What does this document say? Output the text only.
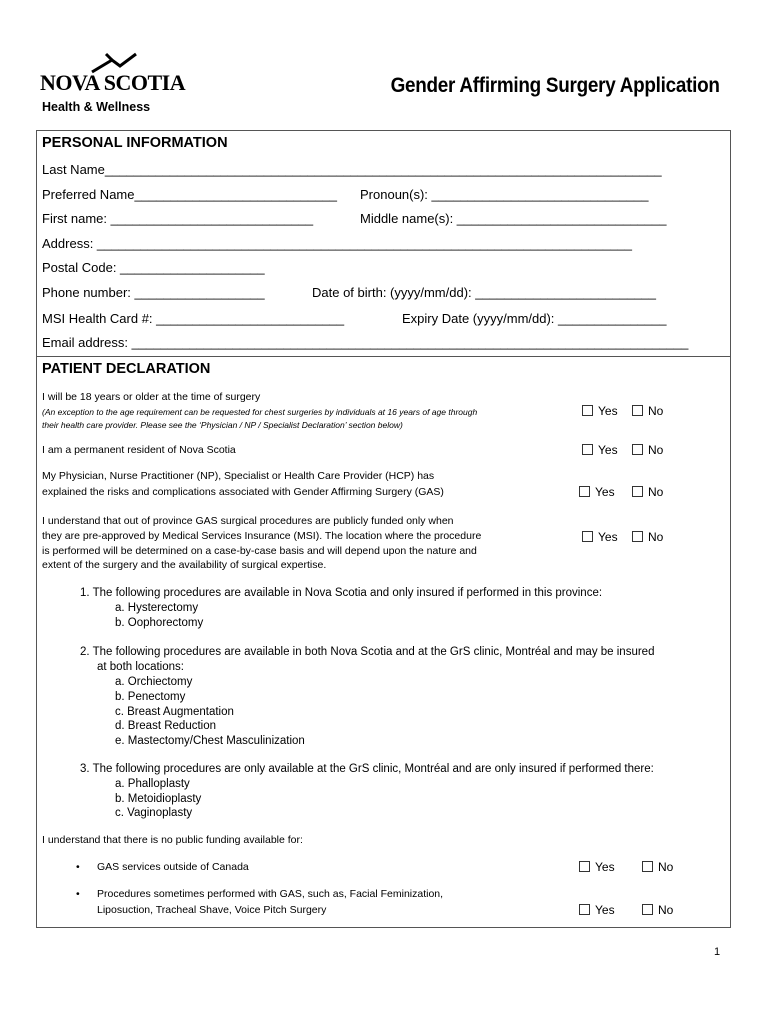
NOVA SCOTIA
Health & Wellness
Gender Affirming Surgery Application
PERSONAL INFORMATION
Last Name_____________________________________________________________________________
Preferred Name____________________________ Pronoun(s): ______________________________
First name: ____________________________	Middle name(s): _____________________________
Address: __________________________________________________________________________
Postal Code: ____________________
Phone number: __________________	Date of birth: (yyyy/mm/dd): _________________________
MSI Health Card #: __________________________	Expiry Date (yyyy/mm/dd): _______________
Email address: _____________________________________________________________________________
PATIENT DECLARATION
I will be 18 years or older at the time of surgery
(An exception to the age requirement can be requested for chest surgeries by individuals at 16 years of age through
their health care provider. Please see the ‘Physician / NP / Specialist Declaration’ section below)
Yes	No
I am a permanent resident of Nova Scotia	Yes	No
My Physician, Nurse Practitioner (NP), Specialist or Health Care Provider (HCP) has
explained the risks and complications associated with Gender Affirming Surgery (GAS)	Yes	No
I understand that out of province GAS surgical procedures are publicly funded only when
they are pre-approved by Medical Services Insurance (MSI). The location where the procedure
is performed will be determined on a case-by-case basis and will depend upon the nature and
extent of the surgery and the availability of surgical expertise.
Yes	No
1. The following procedures are available in Nova Scotia and only insured if performed in this province:
a. Hysterectomy
b. Oophorectomy
2. The following procedures are available in both Nova Scotia and at the GrS clinic, Montréal and may be insured
at both locations:
a. Orchiectomy
b. Penectomy
c. Breast Augmentation
d. Breast Reduction
e. Mastectomy/Chest Masculinization
3. The following procedures are only available at the GrS clinic, Montréal and are only insured if performed there:
a. Phalloplasty
b. Metoidioplasty
c. Vaginoplasty
I understand that there is no public funding available for:
• GAS services outside of Canada	Yes	No
• Procedures sometimes performed with GAS, such as, Facial Feminization,
Liposuction, Tracheal Shave, Voice Pitch Surgery	Yes	No
1
